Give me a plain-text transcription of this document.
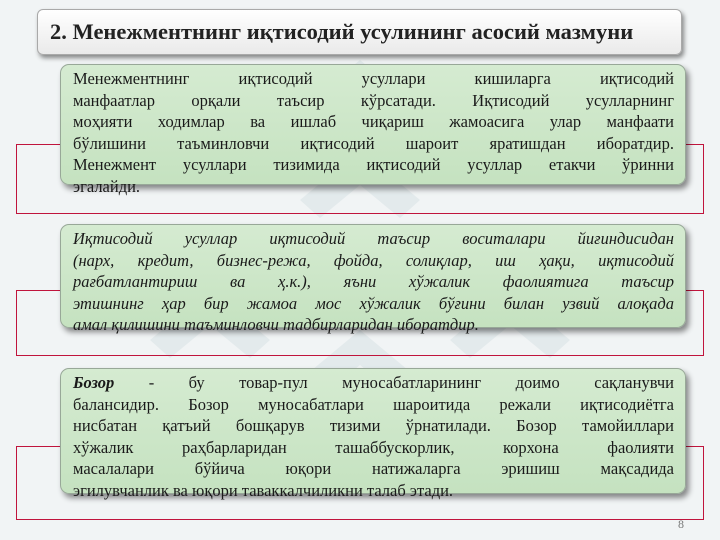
2. Менежментнинг иқтисодий усулининг асосий мазмуни

Менежментнинг иқтисодий усуллари кишиларга иқтисодий

манфаатлар орқали таъсир кўрсатади. Иқтисодий усулларнинг

моҳияти ходимлар ва ишлаб чиқариш жамоасига улар манфаати

бўлишини таъминловчи иқтисодий шароит яратишдан иборатдир.

Менежмент усуллари тизимида иқтисодий усуллар етакчи ўринни

эгалайди.

Иқтисодий усуллар иқтисодий таъсир воситалари йиғиндисидан

(нарх, кредит, бизнес-режа, фойда, солиқлар, иш ҳақи, иқтисодий

рағбатлантириш ва ҳ.к.), яъни хўжалик фаолиятига таъсир

этишнинг ҳар бир жамоа мос хўжалик бўғини билан узвий алоқада

амал қилишини таъминловчи тадбирларидан иборатдир.

Бозор - бу товар-пул муносабатларининг доимо сақланувчи

балансидир. Бозор муносабатлари шароитида режали иқтисодиётга

нисбатан қатъий бошқарув тизими ўрнатилади. Бозор тамойиллари

хўжалик раҳбарларидан ташаббускорлик, корхона фаолияти

масалалари бўйича юқори натижаларга эришиш мақсадида

эгилувчанлик ва юқори таваккалчиликни талаб этади.

8
